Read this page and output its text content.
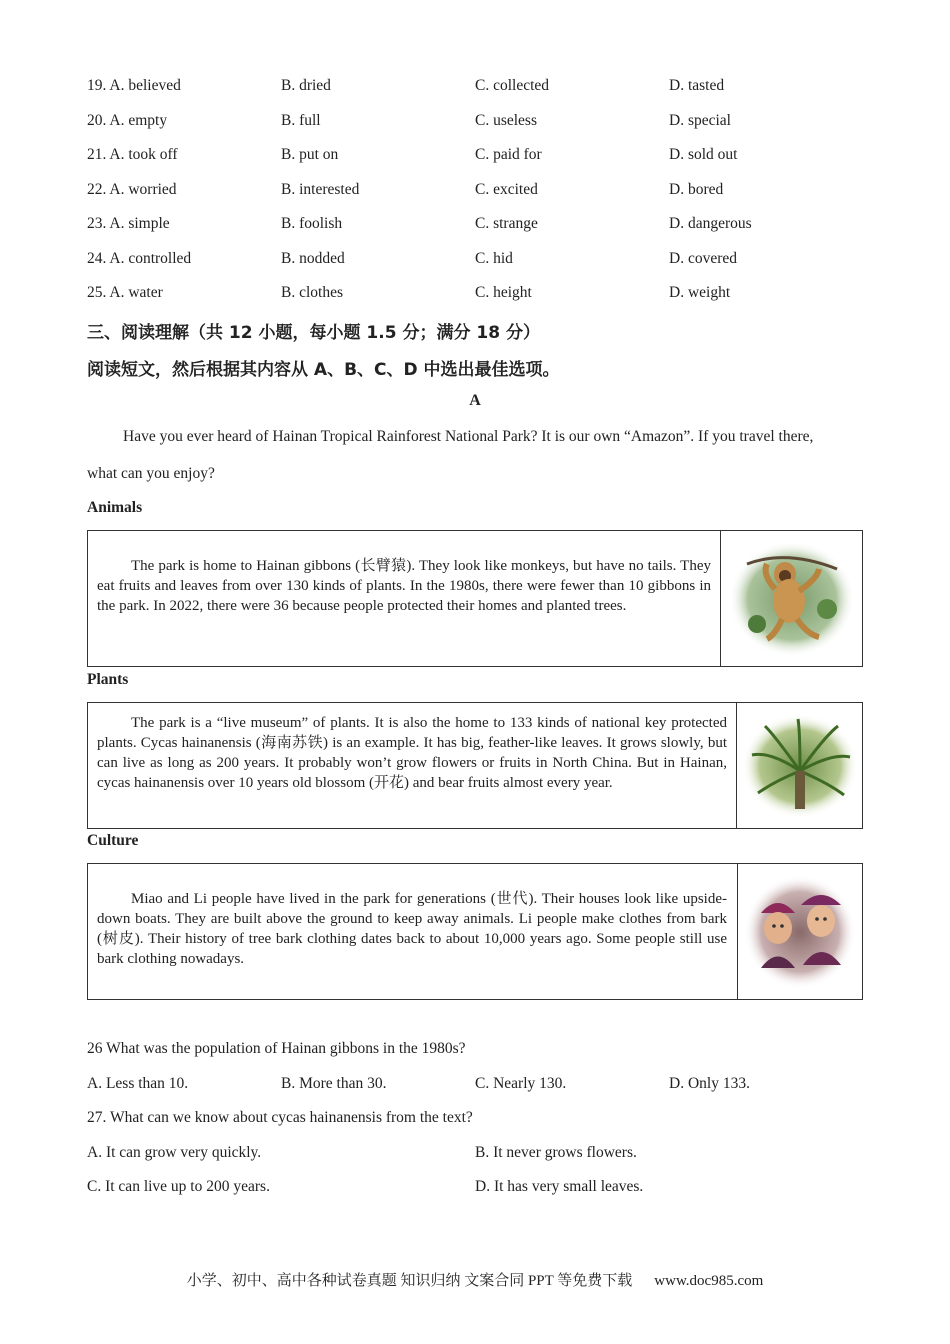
19. A. believed	B. dried	C. collected	D. tasted
20. A. empty	B. full	C. useless	D. special
21. A. took off	B. put on	C. paid for	D. sold out
22. A. worried	B. interested	C. excited	D. bored
23. A. simple	B. foolish	C. strange	D. dangerous
24. A. controlled	B. nodded	C. hid	D. covered
25. A. water	B. clothes	C. height	D. weight
三、阅读理解（共 12 小题，每小题 1.5 分；满分 18 分）
阅读短文，然后根据其内容从 A、B、C、D 中选出最佳选项。
A
Have you ever heard of Hainan Tropical Rainforest National Park? It is our own “Amazon”. If you travel there,
what can you enjoy?
Animals
The park is home to Hainan gibbons (长臂猿). They look like monkeys, but have no tails. They eat fruits and leaves from over 130 kinds of plants. In the 1980s, there were fewer than 10 gibbons in the park. In 2022, there were 36 because people protected their homes and planted trees.
Plants
The park is a “live museum” of plants. It is also the home to 133 kinds of national key protected plants. Cycas hainanensis (海南苏铁) is an example. It has big, feather-like leaves. It grows slowly, but can live as long as 200 years. It probably won’t grow flowers or fruits in North China. But in Hainan, cycas hainanensis over 10 years old blossom (开花) and bear fruits almost every year.
Culture
Miao and Li people have lived in the park for generations (世代). Their houses look like upside-down boats. They are built above the ground to keep away animals. Li people make clothes from bark (树皮). Their history of tree bark clothing dates back to about 10,000 years ago. Some people still use bark clothing nowadays.
26 What was the population of Hainan gibbons in the 1980s?
A. Less than 10.	B. More than 30.	C. Nearly 130.	D. Only 133.
27. What can we know about cycas hainanensis from the text?
A. It can grow very quickly.	B. It never grows flowers.
C. It can live up to 200 years.	D. It has very small leaves.
小学、初中、高中各种试卷真题 知识归纳 文案合同 PPT 等免费下载 www.doc985.com
